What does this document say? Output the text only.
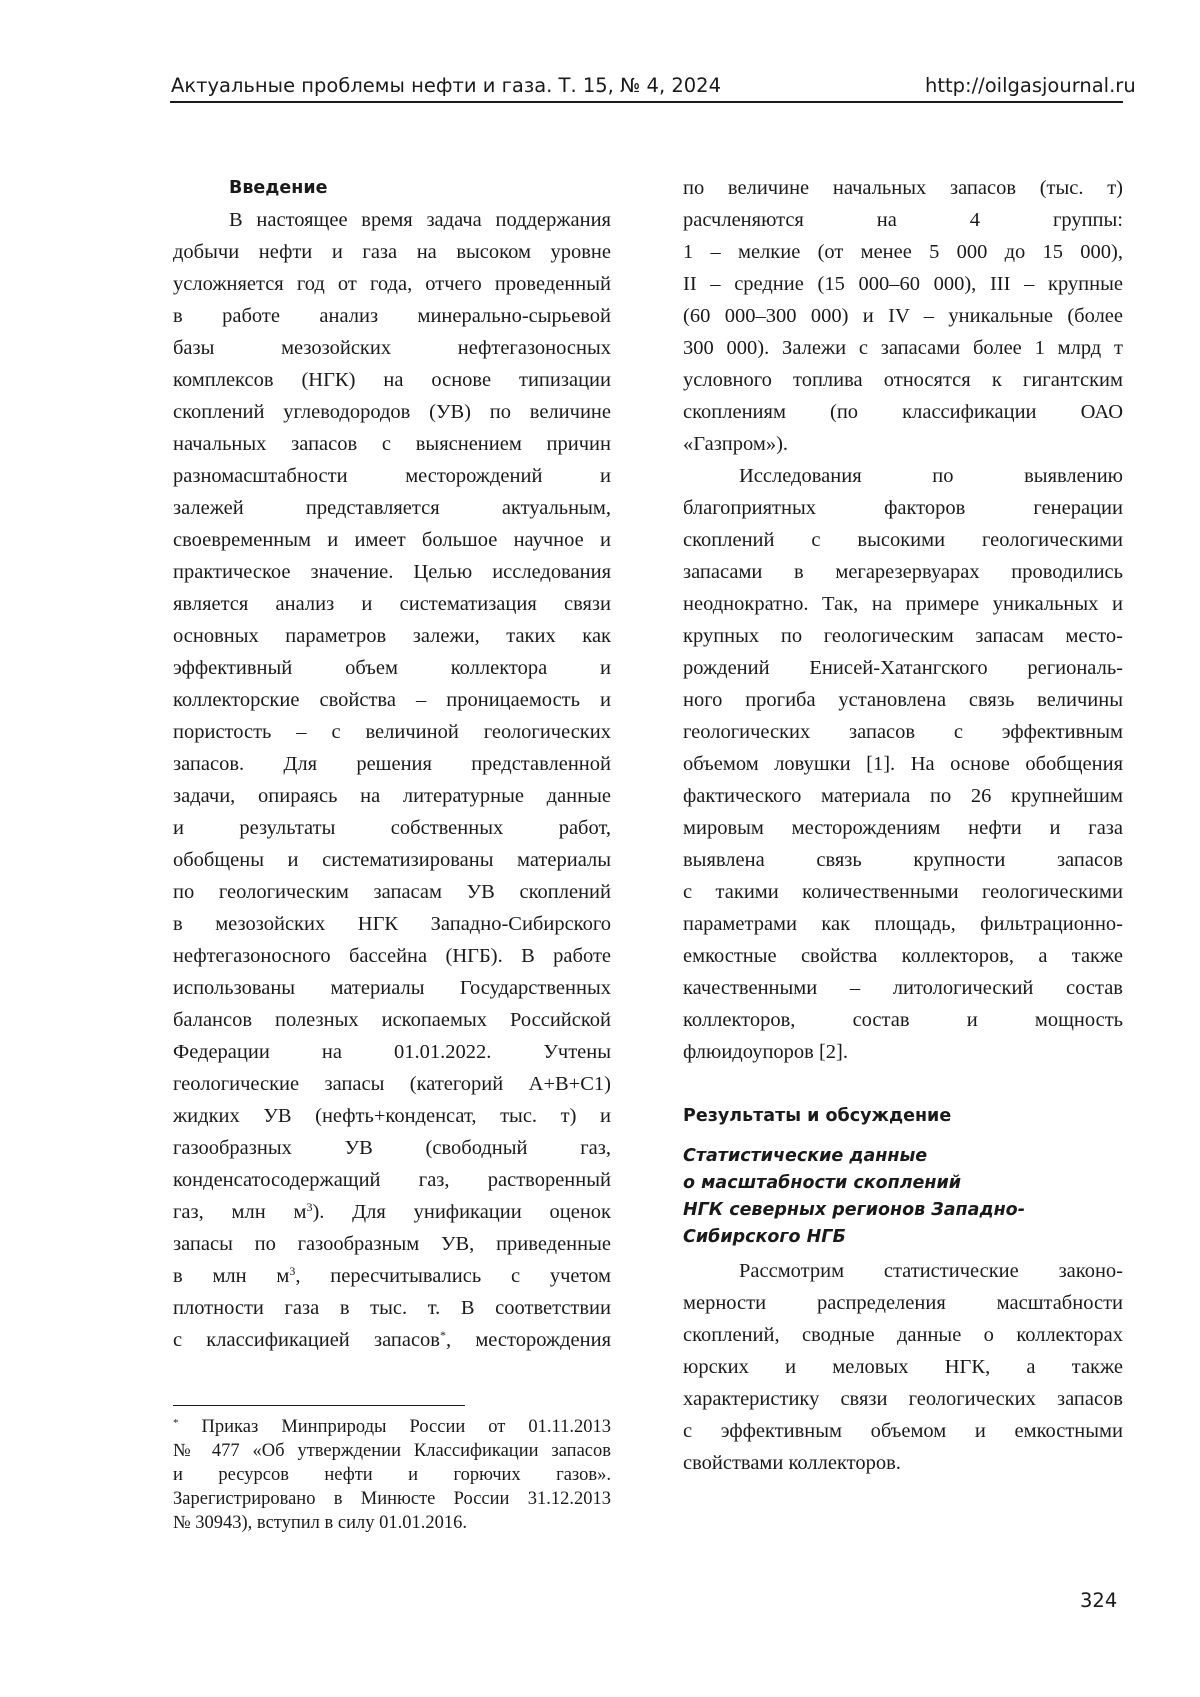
Актуальные проблемы нефти и газа. Т. 15, № 4, 2024	http://oilgasjournal.ru
Введение
В настоящее время задача поддержания
добычи нефти и газа на высоком уровне
усложняется год от года, отчего проведенный
в работе анализ минерально-сырьевой
базы мезозойских нефтегазоносных
комплексов (НГК) на основе типизации
скоплений углеводородов (УВ) по величине
начальных запасов с выяснением причин
разномасштабности месторождений и
залежей представляется актуальным,
своевременным и имеет большое научное и
практическое значение. Целью исследования
является анализ и систематизация связи
основных параметров залежи, таких как
эффективный объем коллектора и
коллекторские свойства – проницаемость и
пористость – с величиной геологических
запасов. Для решения представленной
задачи, опираясь на литературные данные
и результаты собственных работ,
обобщены и систематизированы материалы
по геологическим запасам УВ скоплений
в мезозойских НГК Западно-Сибирского
нефтегазоносного бассейна (НГБ). В работе
использованы материалы Государственных
балансов полезных ископаемых Российской
Федерации на 01.01.2022. Учтены
геологические запасы (категорий А+В+С1)
жидких УВ (нефть+конденсат, тыс. т) и
газообразных УВ (свободный газ,
конденсатосодержащий газ, растворенный
газ, млн $м^3$). Для унификации оценок
запасы по газообразным УВ, приведенные
в млн $м^3$, пересчитывались с учетом
плотности газа в тыс. т. В соответствии
с классификацией запасов*, месторождения
* Приказ Минприроды России от 01.11.2013
№ 477 «Об утверждении Классификации запасов
и ресурсов нефти и горючих газов».
Зарегистрировано в Минюсте России 31.12.2013
№ 30943), вступил в силу 01.01.2016.
по величине начальных запасов (тыс. т)
расчленяются на 4 группы:
1 – мелкие (от менее 5 000 до 15 000),
II – средние (15 000–60 000), III – крупные
(60 000–300 000) и IV – уникальные (более
300 000). Залежи с запасами более 1 млрд т
условного топлива относятся к гигантским
скоплениям (по классификации ОАО
«Газпром»).
Исследования по выявлению
благоприятных факторов генерации
скоплений с высокими геологическими
запасами в мегарезервуарах проводились
неоднократно. Так, на примере уникальных и
крупных по геологическим запасам место-
рождений Енисей-Хатангского региональ-
ного прогиба установлена связь величины
геологических запасов с эффективным
объемом ловушки [1]. На основе обобщения
фактического материала по 26 крупнейшим
мировым месторождениям нефти и газа
выявлена связь крупности запасов
с такими количественными геологическими
параметрами как площадь, фильтрационно-
емкостные свойства коллекторов, а также
качественными – литологический состав
коллекторов, состав и мощность
флюидоупоров [2].
Результаты и обсуждение
Статистические данные
о масштабности скоплений
НГК северных регионов Западно-
Сибирского НГБ
Рассмотрим статистические законо-
мерности распределения масштабности
скоплений, сводные данные о коллекторах
юрских и меловых НГК, а также
характеристику связи геологических запасов
с эффективным объемом и емкостными
свойствами коллекторов.
324
